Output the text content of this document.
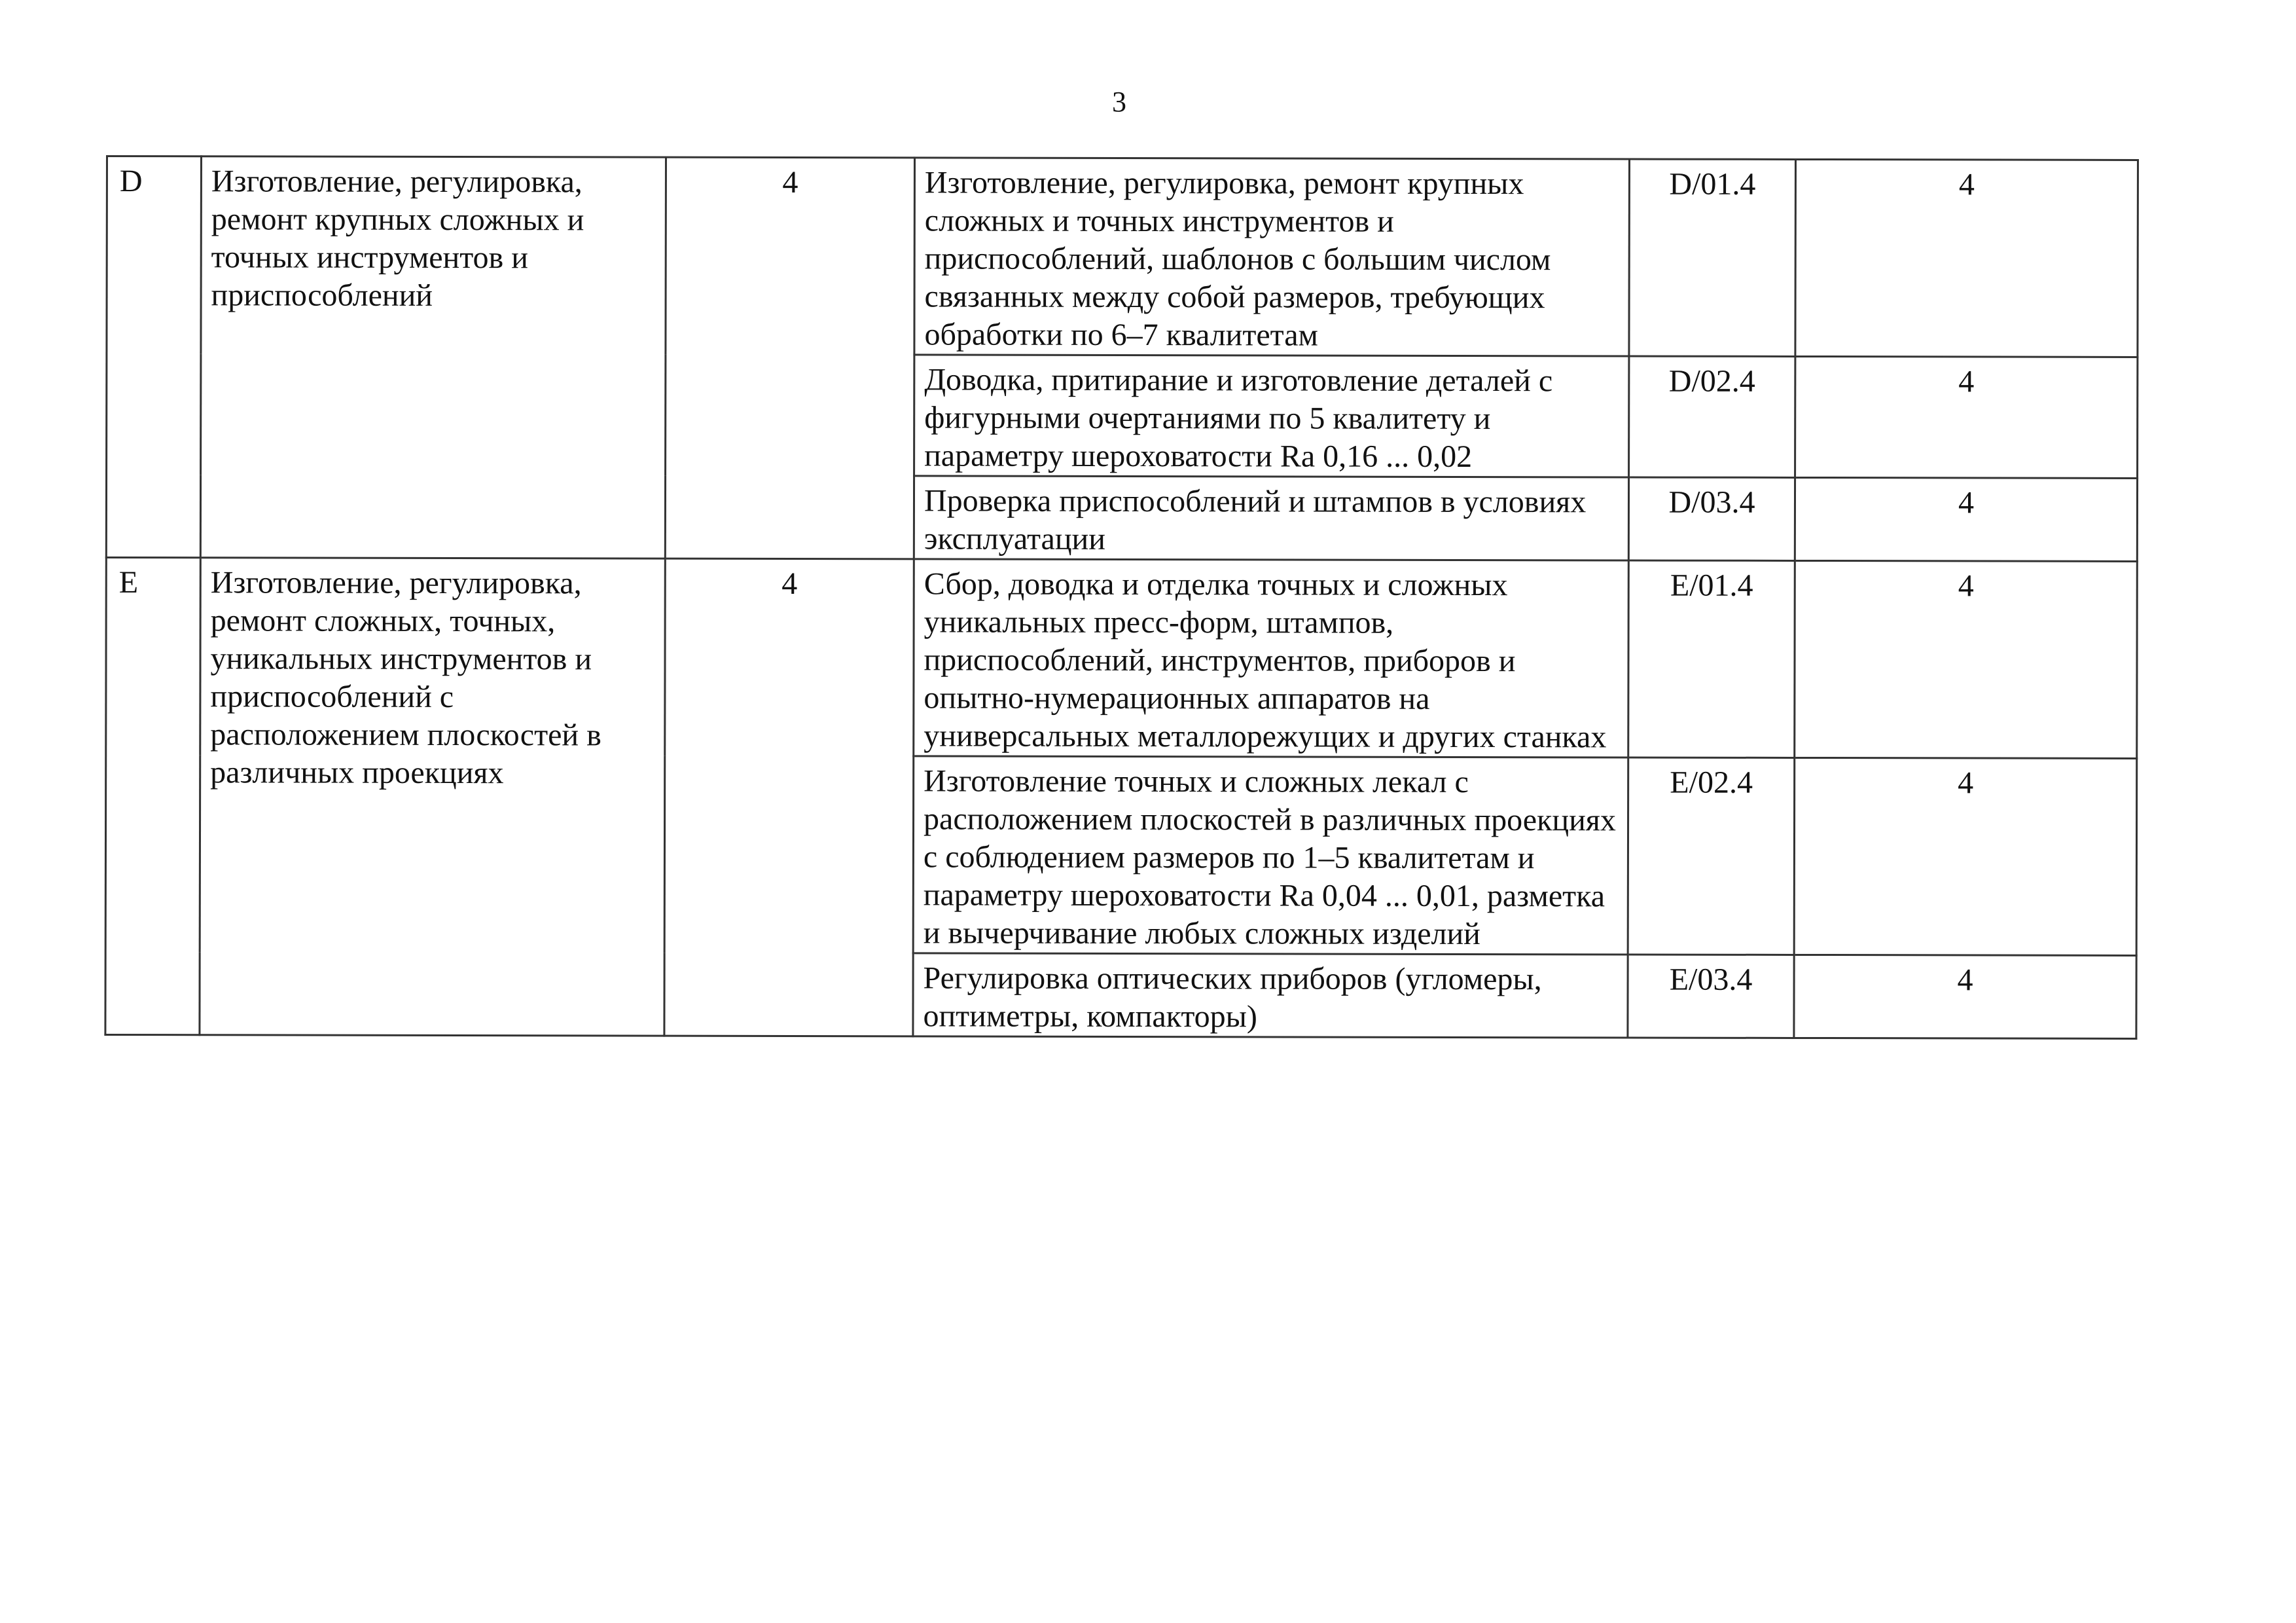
3
D	Изготовление, регулировка, ремонт крупных сложных и точных инструментов и приспособлений	4	Изготовление, регулировка, ремонт крупных сложных и точных инструментов и приспособлений, шаблонов с большим числом связанных между собой размеров, требующих обработки по 6–7 квалитетам	D/01.4	4
			Доводка, притирание и изготовление деталей с фигурными очертаниями по 5 квалитету и параметру шероховатости Ra 0,16 ... 0,02	D/02.4	4
			Проверка приспособлений и штампов в условиях эксплуатации	D/03.4	4
E	Изготовление, регулировка, ремонт сложных, точных, уникальных инструментов и приспособлений с расположением плоскостей в различных проекциях	4	Сбор, доводка и отделка точных и сложных уникальных пресс-форм, штампов, приспособлений, инструментов, приборов и опытно-нумерационных аппаратов на универсальных металлорежущих и других станках	E/01.4	4
			Изготовление точных и сложных лекал с расположением плоскостей в различных проекциях с соблюдением размеров по 1–5 квалитетам и параметру шероховатости Ra 0,04 ... 0,01, разметка и вычерчивание любых сложных изделий	E/02.4	4
			Регулировка оптических приборов (угломеры, оптиметры, компакторы)	E/03.4	4
